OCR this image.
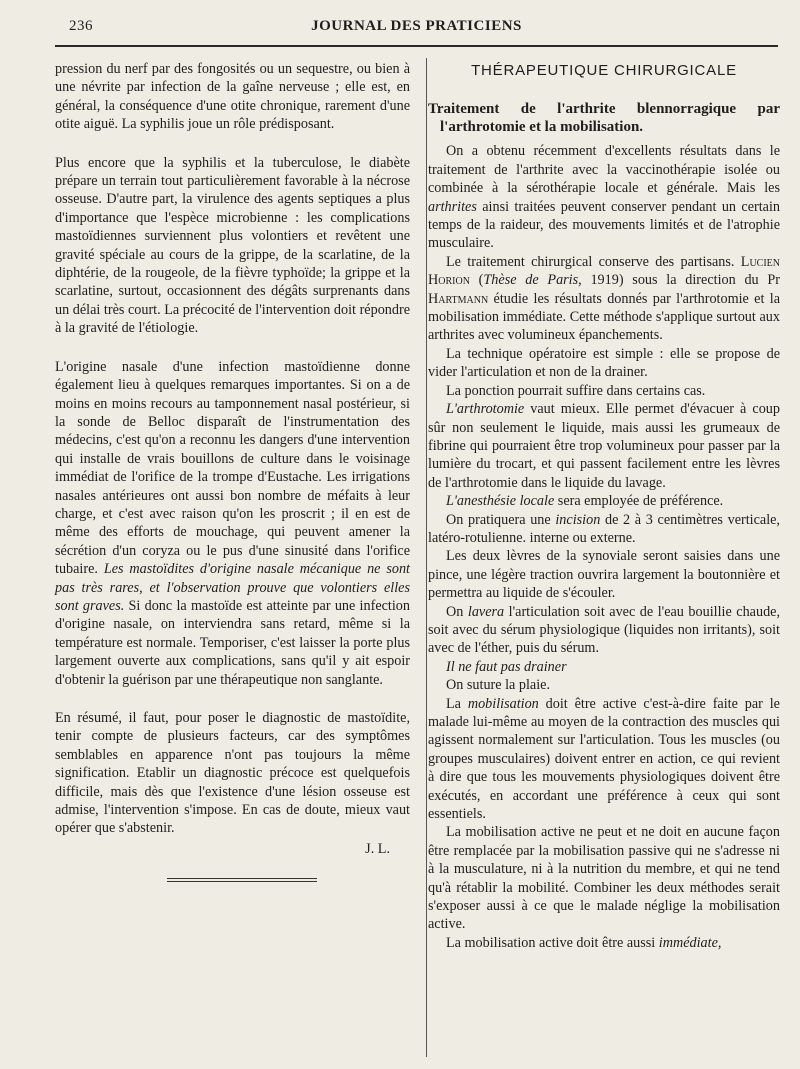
236	JOURNAL DES PRATICIENS

pression du nerf par des fongosités ou un sequestre, ou bien à une névrite par infection de la gaîne nerveuse ; elle est, en général, la conséquence d'une otite chronique, rarement d'une otite aiguë. La syphilis joue un rôle prédisposant.

Plus encore que la syphilis et la tuberculose, le diabète prépare un terrain tout particulièrement favorable à la nécrose osseuse. D'autre part, la virulence des agents septiques a plus d'importance que l'espèce microbienne : les complications mastoïdiennes surviennent plus volontiers et revêtent une gravité spéciale au cours de la grippe, de la scarlatine, de la diphtérie, de la rougeole, de la fièvre typhoïde; la grippe et la scarlatine, surtout, occasionnent des dégâts surprenants dans un délai très court. La précocité de l'intervention doit répondre à la gravité de l'étiologie.

L'origine nasale d'une infection mastoïdienne donne également lieu à quelques remarques importantes. Si on a de moins en moins recours au tamponnement nasal postérieur, si la sonde de Belloc disparaît de l'instrumentation des médecins, c'est qu'on a reconnu les dangers d'une intervention qui installe de vrais bouillons de culture dans le voisinage immédiat de l'orifice de la trompe d'Eustache. Les irrigations nasales antérieures ont aussi bon nombre de méfaits à leur charge, et c'est avec raison qu'on les proscrit ; il en est de même des efforts de mouchage, qui peuvent amener la sécrétion d'un coryza ou le pus d'une sinusité dans l'orifice tubaire. Les mastoïdites d'origine nasale mécanique ne sont pas très rares, et l'observation prouve que volontiers elles sont graves. Si donc la mastoïde est atteinte par une infection d'origine nasale, on interviendra sans retard, même si la température est normale. Temporiser, c'est laisser la porte plus largement ouverte aux complications, sans qu'il y ait espoir d'obtenir la guérison par une thérapeutique non sanglante.

En résumé, il faut, pour poser le diagnostic de mastoïdite, tenir compte de plusieurs facteurs, car des symptômes semblables en apparence n'ont pas toujours la même signification. Etablir un diagnostic précoce est quelquefois difficile, mais dès que l'existence d'une lésion osseuse est admise, l'intervention s'impose. En cas de doute, mieux vaut opérer que s'abstenir.

J. L.

THÉRAPEUTIQUE CHIRURGICALE

Traitement de l'arthrite blennorragique par l'arthrotomie et la mobilisation.

On a obtenu récemment d'excellents résultats dans le traitement de l'arthrite avec la vaccinothérapie isolée ou combinée à la sérothérapie locale et générale. Mais les arthrites ainsi traitées peuvent conserver pendant un certain temps de la raideur, des mouvements limités et de l'atrophie musculaire.

Le traitement chirurgical conserve des partisans. Lucien Horion (Thèse de Paris, 1919) sous la direction du Pr Hartmann étudie les résultats donnés par l'arthrotomie et la mobilisation immédiate. Cette méthode s'applique surtout aux arthrites avec volumineux épanchements.

La technique opératoire est simple : elle se propose de vider l'articulation et non de la drainer.

La ponction pourrait suffire dans certains cas.

L'arthrotomie vaut mieux. Elle permet d'évacuer à coup sûr non seulement le liquide, mais aussi les grumeaux de fibrine qui pourraient être trop volumineux pour passer par la lumière du trocart, et qui passent facilement entre les lèvres de l'arthrotomie dans le liquide du lavage.

L'anesthésie locale sera employée de préférence.

On pratiquera une incision de 2 à 3 centimètres verticale, latéro-rotulienne. interne ou externe.

Les deux lèvres de la synoviale seront saisies dans une pince, une légère traction ouvrira largement la boutonnière et permettra au liquide de s'écouler.

On lavera l'articulation soit avec de l'eau bouillie chaude, soit avec du sérum physiologique (liquides non irritants), soit avec de l'éther, puis du sérum.

Il ne faut pas drainer

On suture la plaie.

La mobilisation doit être active c'est-à-dire faite par le malade lui-même au moyen de la contraction des muscles qui agissent normalement sur l'articulation. Tous les muscles (ou groupes musculaires) doivent entrer en action, ce qui revient à dire que tous les mouvements physiologiques doivent être exécutés, en accordant une préférence à ceux qui sont essentiels.

La mobilisation active ne peut et ne doit en aucune façon être remplacée par la mobilisation passive qui ne s'adresse ni à la musculature, ni à la nutrition du membre, et qui ne tend qu'à rétablir la mobilité. Combiner les deux méthodes serait s'exposer aussi à ce que le malade néglige la mobilisation active.

La mobilisation active doit être aussi immédiate,
